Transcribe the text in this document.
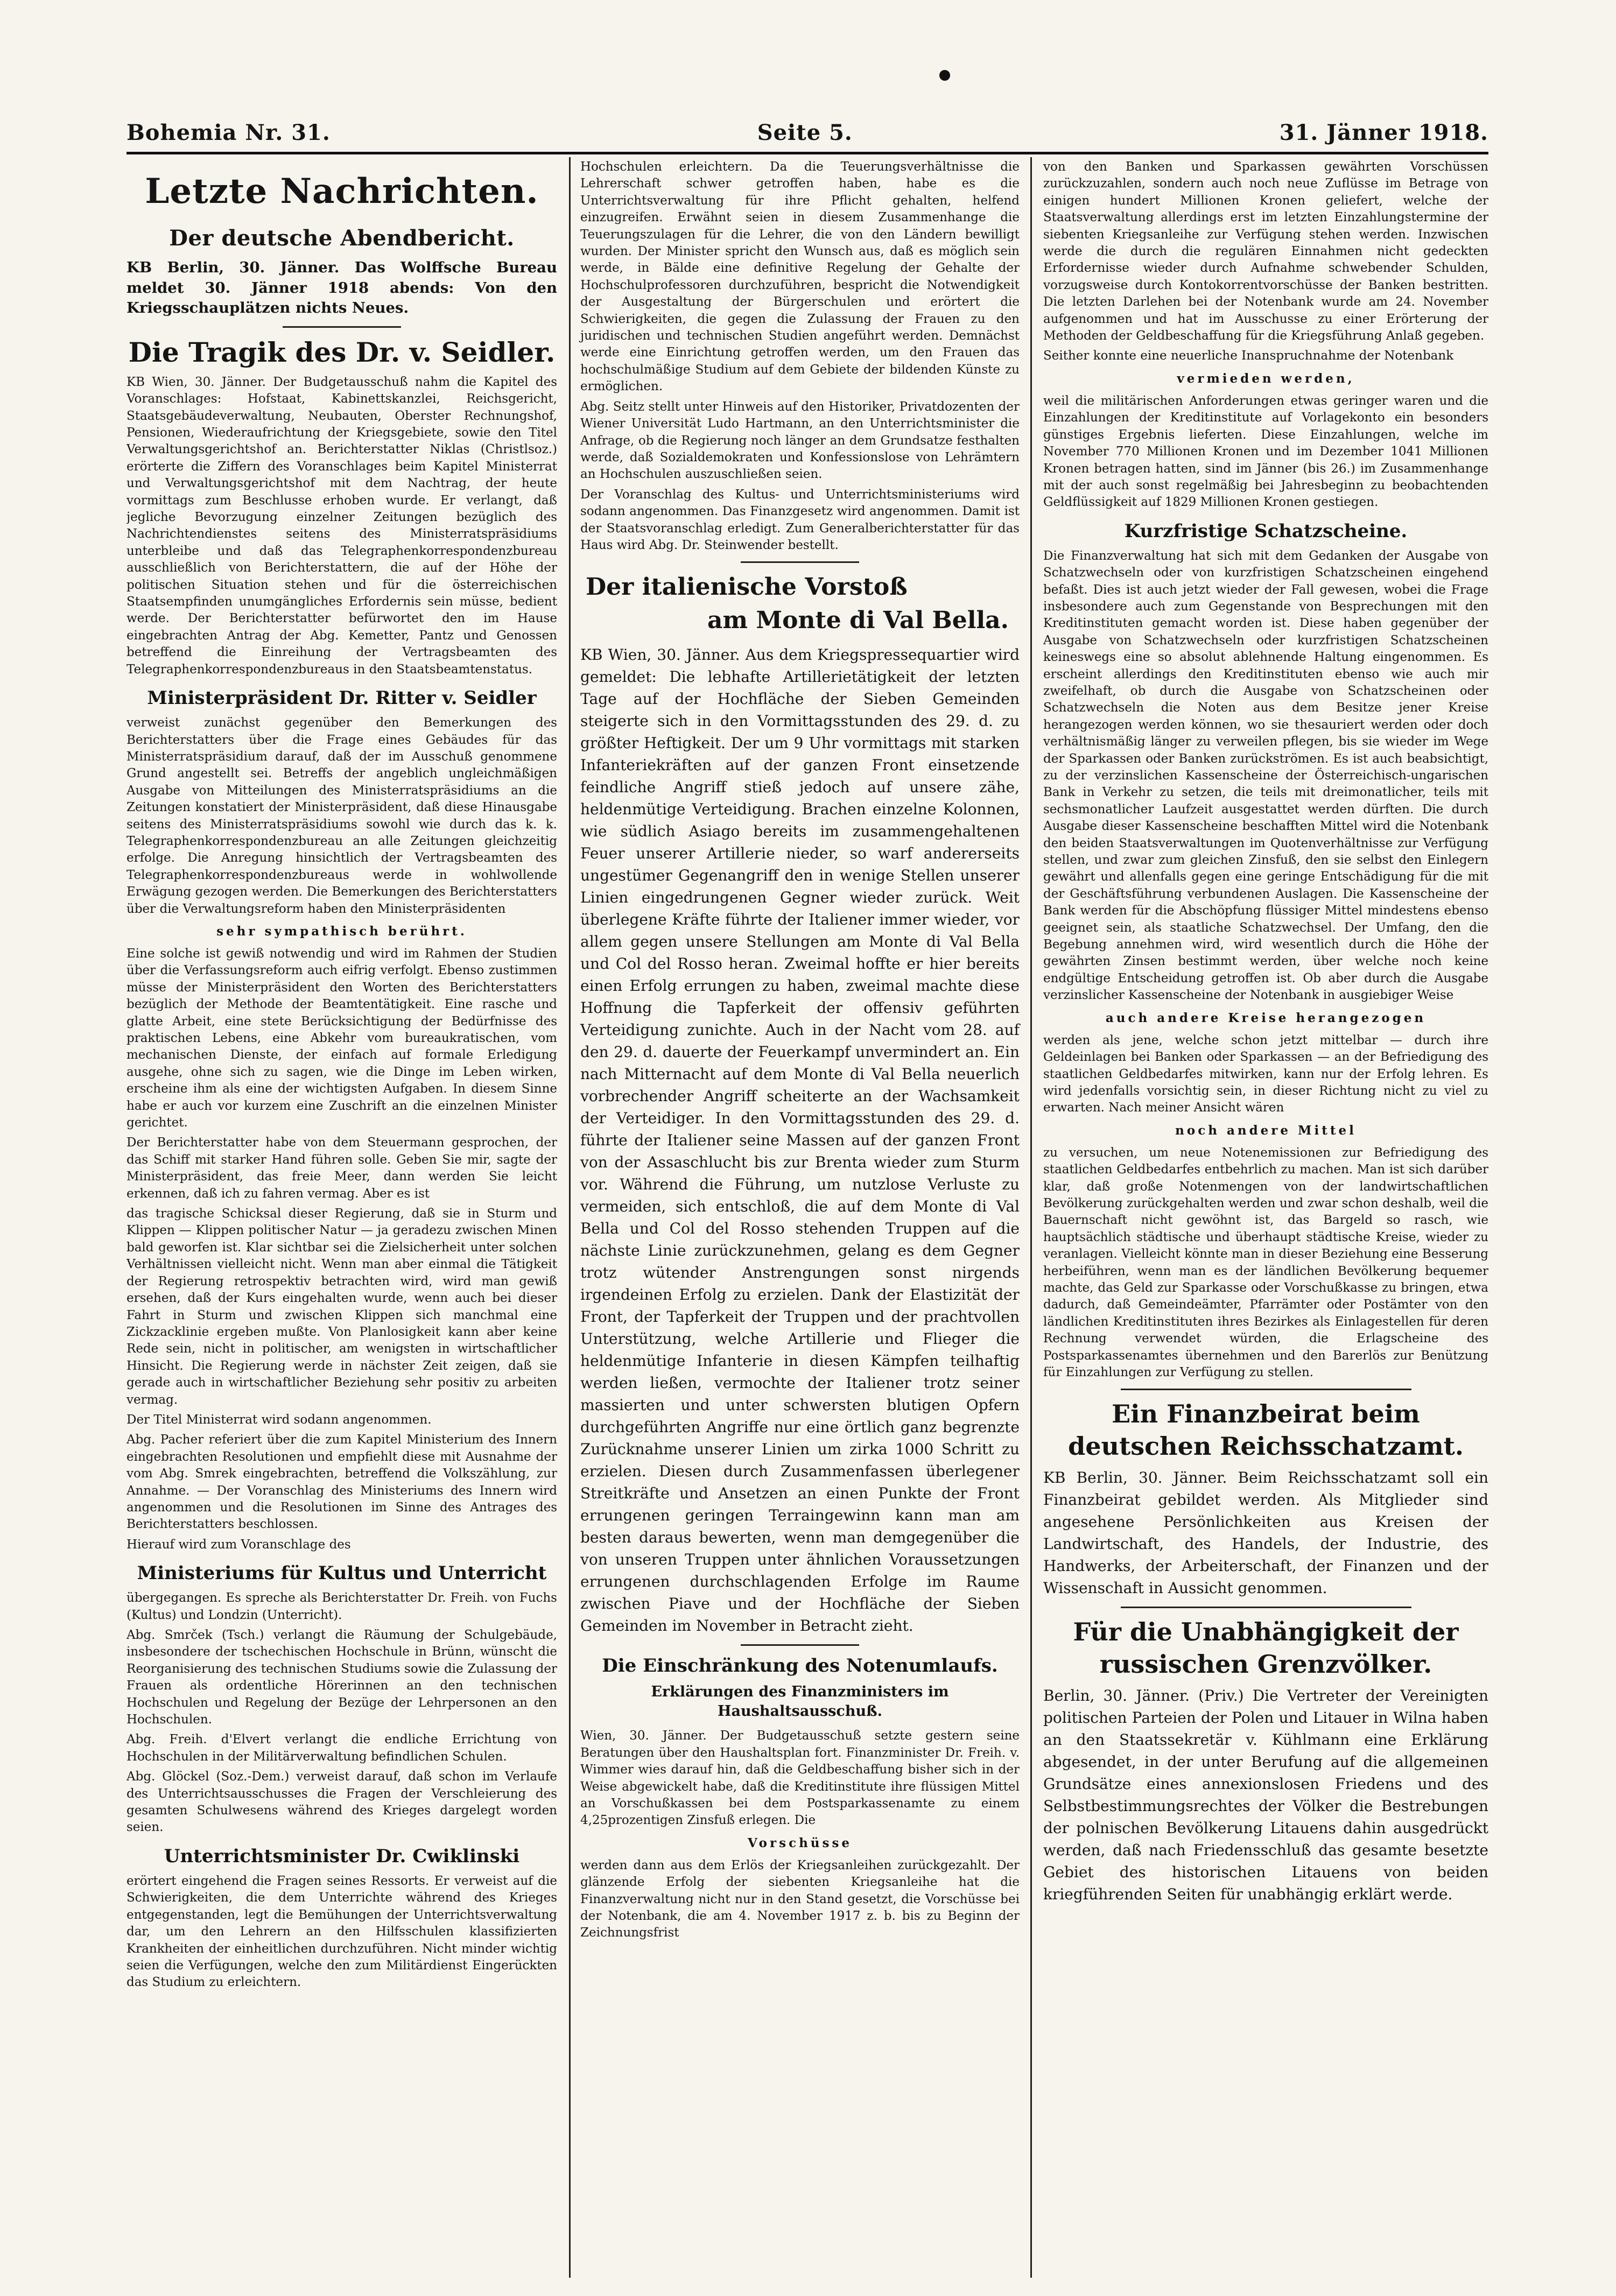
Bohemia Nr. 31.	Seite 5.	31. Jänner 1918.
Letzte Nachrichten.
Der deutsche Abendbericht.

KB Berlin, 30. Jänner. Das Wolffsche Bureau meldet 30. Jänner 1918 abends: Von den Kriegsschauplätzen nichts Neues.

Die Tragik des Dr. v. Seidler.

KB Wien, 30. Jänner. Der Budgetausschuß nahm die Kapitel des Voranschlages: Hofstaat, Kabinettskanzlei, Reichsgericht, Staatsgebäudeverwaltung, Neubauten, Oberster Rechnungshof, Pensionen, Wiederaufrichtung der Kriegsgebiete, sowie den Titel Verwaltungsgerichtshof an. Berichterstatter Niklas (Christlsoz.) erörterte die Ziffern des Voranschlages beim Kapitel Ministerrat und Verwaltungsgerichtshof mit dem Nachtrag, der heute vormittags zum Beschlusse erhoben wurde. Er verlangt, daß jegliche Bevorzugung einzelner Zeitungen bezüglich des Nachrichtendienstes seitens des Ministerratspräsidiums unterbleibe und daß das Telegraphenkorrespondenzbureau ausschließlich von Berichterstattern, die auf der Höhe der politischen Situation stehen und für die österreichischen Staatsempfinden unumgängliches Erfordernis sein müsse, bedient werde. Der Berichterstatter befürwortet den im Hause eingebrachten Antrag der Abg. Kemetter, Pantz und Genossen betreffend die Einreihung der Vertragsbeamten des Telegraphenkorrespondenzbureaus in den Staatsbeamtenstatus.

Ministerpräsident Dr. Ritter v. Seidler

verweist zunächst gegenüber den Bemerkungen des Berichterstatters über die Frage eines Gebäudes für das Ministerratspräsidium darauf, daß der im Ausschuß genommene Grund angestellt sei. Betreffs der angeblich ungleichmäßigen Ausgabe von Mitteilungen des Ministerratspräsidiums an die Zeitungen konstatiert der Ministerpräsident, daß diese Hinausgabe seitens des Ministerratspräsidiums sowohl wie durch das k. k. Telegraphenkorrespondenzbureau an alle Zeitungen gleichzeitig erfolge. Die Anregung hinsichtlich der Vertragsbeamten des Telegraphenkorrespondenzbureaus werde in wohlwollende Erwägung gezogen werden. Die Bemerkungen des Berichterstatters über die Verwaltungsreform haben den Ministerpräsidenten

sehr sympathisch berührt.

Eine solche ist gewiß notwendig und wird im Rahmen der Studien über die Verfassungsreform auch eifrig verfolgt. Ebenso zustimmen müsse der Ministerpräsident den Worten des Berichterstatters bezüglich der Methode der Beamtentätigkeit. Eine rasche und glatte Arbeit, eine stete Berücksichtigung der Bedürfnisse des praktischen Lebens, eine Abkehr vom bureaukratischen, vom mechanischen Dienste, der einfach auf formale Erledigung ausgehe, ohne sich zu sagen, wie die Dinge im Leben wirken, erscheine ihm als eine der wichtigsten Aufgaben. In diesem Sinne habe er auch vor kurzem eine Zuschrift an die einzelnen Minister gerichtet.

Der Berichterstatter habe von dem Steuermann gesprochen, der das Schiff mit starker Hand führen solle. Geben Sie mir, sagte der Ministerpräsident, das freie Meer, dann werden Sie leicht erkennen, daß ich zu fahren vermag. Aber es ist

das tragische Schicksal dieser Regierung, daß sie in Sturm und Klippen — Klippen politischer Natur — ja geradezu zwischen Minen bald geworfen ist. Klar sichtbar sei die Zielsicherheit unter solchen Verhältnissen vielleicht nicht. Wenn man aber einmal die Tätigkeit der Regierung retrospektiv betrachten wird, wird man gewiß ersehen, daß der Kurs eingehalten wurde, wenn auch bei dieser Fahrt in Sturm und zwischen Klippen sich manchmal eine Zickzacklinie ergeben mußte. Von Planlosigkeit kann aber keine Rede sein, nicht in politischer, am wenigsten in wirtschaftlicher Hinsicht. Die Regierung werde in nächster Zeit zeigen, daß sie gerade auch in wirtschaftlicher Beziehung sehr positiv zu arbeiten vermag.

Der Titel Ministerrat wird sodann angenommen.

Abg. Pacher referiert über die zum Kapitel Ministerium des Innern eingebrachten Resolutionen und empfiehlt diese mit Ausnahme der vom Abg. Smrek eingebrachten, betreffend die Volkszählung, zur Annahme. — Der Voranschlag des Ministeriums des Innern wird angenommen und die Resolutionen im Sinne des Antrages des Berichterstatters beschlossen.

Hierauf wird zum Voranschlage des

Ministeriums für Kultus und Unterricht

übergegangen. Es spreche als Berichterstatter Dr. Freih. von Fuchs (Kultus) und Londzin (Unterricht).

Abg. Smrček (Tsch.) verlangt die Räumung der Schulgebäude, insbesondere der tschechischen Hochschule in Brünn, wünscht die Reorganisierung des technischen Studiums sowie die Zulassung der Frauen als ordentliche Hörerinnen an den technischen Hochschulen und Regelung der Bezüge der Lehrpersonen an den Hochschulen.

Abg. Freih. d'Elvert verlangt die endliche Errichtung von Hochschulen in der Militärverwaltung befindlichen Schulen.

Abg. Glöckel (Soz.-Dem.) verweist darauf, daß schon im Verlaufe des Unterrichtsausschusses die Fragen der Verschleierung des gesamten Schulwesens während des Krieges dargelegt worden seien.

Unterrichtsminister Dr. Cwiklinski

erörtert eingehend die Fragen seines Ressorts. Er verweist auf die Schwierigkeiten, die dem Unterrichte während des Krieges entgegenstanden, legt die Bemühungen der Unterrichtsverwaltung dar, um den Lehrern an den Hilfsschulen klassifizierten Krankheiten der einheitlichen durchzuführen. Nicht minder wichtig seien die Verfügungen, welche den zum Militärdienst Eingerückten das Studium zu erleichtern.

Hochschulen erleichtern. Da die Teuerungsverhältnisse die Lehrerschaft schwer getroffen haben, habe es die Unterrichtsverwaltung für ihre Pflicht gehalten, helfend einzugreifen. Erwähnt seien in diesem Zusammenhange die Teuerungszulagen für die Lehrer, die von den Ländern bewilligt wurden. Der Minister spricht den Wunsch aus, daß es möglich sein werde, in Bälde eine definitive Regelung der Gehalte der Hochschulprofessoren durchzuführen, bespricht die Notwendigkeit der Ausgestaltung der Bürgerschulen und erörtert die Schwierigkeiten, die gegen die Zulassung der Frauen zu den juridischen und technischen Studien angeführt werden. Demnächst werde eine Einrichtung getroffen werden, um den Frauen das hochschulmäßige Studium auf dem Gebiete der bildenden Künste zu ermöglichen.

Abg. Seitz stellt unter Hinweis auf den Historiker, Privatdozenten der Wiener Universität Ludo Hartmann, an den Unterrichtsminister die Anfrage, ob die Regierung noch länger an dem Grundsatze festhalten werde, daß Sozialdemokraten und Konfessionslose von Lehrämtern an Hochschulen auszuschließen seien.

Der Voranschlag des Kultus- und Unterrichtsministeriums wird sodann angenommen. Das Finanzgesetz wird angenommen. Damit ist der Staatsvoranschlag erledigt. Zum Generalberichterstatter für das Haus wird Abg. Dr. Steinwender bestellt.

Der italienische Vorstoß
am Monte di Val Bella.

KB Wien, 30. Jänner. Aus dem Kriegspressequartier wird gemeldet: Die lebhafte Artillerietätigkeit der letzten Tage auf der Hochfläche der Sieben Gemeinden steigerte sich in den Vormittagsstunden des 29. d. zu größter Heftigkeit. Der um 9 Uhr vormittags mit starken Infanteriekräften auf der ganzen Front einsetzende feindliche Angriff stieß jedoch auf unsere zähe, heldenmütige Verteidigung. Brachen einzelne Kolonnen, wie südlich Asiago bereits im zusammengehaltenen Feuer unserer Artillerie nieder, so warf andererseits ungestümer Gegenangriff den in wenige Stellen unserer Linien eingedrungenen Gegner wieder zurück. Weit überlegene Kräfte führte der Italiener immer wieder, vor allem gegen unsere Stellungen am Monte di Val Bella und Col del Rosso heran. Zweimal hoffte er hier bereits einen Erfolg errungen zu haben, zweimal machte diese Hoffnung die Tapferkeit der offensiv geführten Verteidigung zunichte. Auch in der Nacht vom 28. auf den 29. d. dauerte der Feuerkampf unvermindert an. Ein nach Mitternacht auf dem Monte di Val Bella neuerlich vorbrechender Angriff scheiterte an der Wachsamkeit der Verteidiger. In den Vormittagsstunden des 29. d. führte der Italiener seine Massen auf der ganzen Front von der Assaschlucht bis zur Brenta wieder zum Sturm vor. Während die Führung, um nutzlose Verluste zu vermeiden, sich entschloß, die auf dem Monte di Val Bella und Col del Rosso stehenden Truppen auf die nächste Linie zurückzunehmen, gelang es dem Gegner trotz wütender Anstrengungen sonst nirgends irgendeinen Erfolg zu erzielen. Dank der Elastizität der Front, der Tapferkeit der Truppen und der prachtvollen Unterstützung, welche Artillerie und Flieger die heldenmütige Infanterie in diesen Kämpfen teilhaftig werden ließen, vermochte der Italiener trotz seiner massierten und unter schwersten blutigen Opfern durchgeführten Angriffe nur eine örtlich ganz begrenzte Zurücknahme unserer Linien um zirka 1000 Schritt zu erzielen. Diesen durch Zusammenfassen überlegener Streitkräfte und Ansetzen an einen Punkte der Front errungenen geringen Terraingewinn kann man am besten daraus bewerten, wenn man demgegenüber die von unseren Truppen unter ähnlichen Voraussetzungen errungenen durchschlagenden Erfolge im Raume zwischen Piave und der Hochfläche der Sieben Gemeinden im November in Betracht zieht.

Die Einschränkung des Notenumlaufs.
Erklärungen des Finanzministers im Haushaltsausschuß.

Wien, 30. Jänner. Der Budgetausschuß setzte gestern seine Beratungen über den Haushaltsplan fort. Finanzminister Dr. Freih. v. Wimmer wies darauf hin, daß die Geldbeschaffung bisher sich in der Weise abgewickelt habe, daß die Kreditinstitute ihre flüssigen Mittel an Vorschußkassen bei dem Postsparkassenamte zu einem 4,25prozentigen Zinsfuß erlegen. Die

Vorschüsse

werden dann aus dem Erlös der Kriegsanleihen zurückgezahlt. Der glänzende Erfolg der siebenten Kriegsanleihe hat die Finanzverwaltung nicht nur in den Stand gesetzt, die Vorschüsse bei der Notenbank, die am 4. November 1917 z. b. bis zu Beginn der Zeichnungsfrist

von den Banken und Sparkassen gewährten Vorschüssen zurückzuzahlen, sondern auch noch neue Zuflüsse im Betrage von einigen hundert Millionen Kronen geliefert, welche der Staatsverwaltung allerdings erst im letzten Einzahlungstermine der siebenten Kriegsanleihe zur Verfügung stehen werden. Inzwischen werde die durch die regulären Einnahmen nicht gedeckten Erfordernisse wieder durch Aufnahme schwebender Schulden, vorzugsweise durch Kontokorrentvorschüsse der Banken bestritten. Die letzten Darlehen bei der Notenbank wurde am 24. November aufgenommen und hat im Ausschusse zu einer Erörterung der Methoden der Geldbeschaffung für die Kriegsführung Anlaß gegeben.

Seither konnte eine neuerliche Inanspruchnahme der Notenbank

vermieden werden,

weil die militärischen Anforderungen etwas geringer waren und die Einzahlungen der Kreditinstitute auf Vorlagekonto ein besonders günstiges Ergebnis lieferten. Diese Einzahlungen, welche im November 770 Millionen Kronen und im Dezember 1041 Millionen Kronen betragen hatten, sind im Jänner (bis 26.) im Zusammenhange mit der auch sonst regelmäßig bei Jahresbeginn zu beobachtenden Geldflüssigkeit auf 1829 Millionen Kronen gestiegen.

Kurzfristige Schatzscheine.

Die Finanzverwaltung hat sich mit dem Gedanken der Ausgabe von Schatzwechseln oder von kurzfristigen Schatzscheinen eingehend befaßt. Dies ist auch jetzt wieder der Fall gewesen, wobei die Frage insbesondere auch zum Gegenstande von Besprechungen mit den Kreditinstituten gemacht worden ist. Diese haben gegenüber der Ausgabe von Schatzwechseln oder kurzfristigen Schatzscheinen keineswegs eine so absolut ablehnende Haltung eingenommen. Es erscheint allerdings den Kreditinstituten ebenso wie auch mir zweifelhaft, ob durch die Ausgabe von Schatzscheinen oder Schatzwechseln die Noten aus dem Besitze jener Kreise herangezogen werden können, wo sie thesauriert werden oder doch verhältnismäßig länger zu verweilen pflegen, bis sie wieder im Wege der Sparkassen oder Banken zurückströmen. Es ist auch beabsichtigt, zu der verzinslichen Kassenscheine der Österreichisch-ungarischen Bank in Verkehr zu setzen, die teils mit dreimonatlicher, teils mit sechsmonatlicher Laufzeit ausgestattet werden dürften. Die durch Ausgabe dieser Kassenscheine beschafften Mittel wird die Notenbank den beiden Staatsverwaltungen im Quotenverhältnisse zur Verfügung stellen, und zwar zum gleichen Zinsfuß, den sie selbst den Einlegern gewährt und allenfalls gegen eine geringe Entschädigung für die mit der Geschäftsführung verbundenen Auslagen. Die Kassenscheine der Bank werden für die Abschöpfung flüssiger Mittel mindestens ebenso geeignet sein, als staatliche Schatzwechsel. Der Umfang, den die Begebung annehmen wird, wird wesentlich durch die Höhe der gewährten Zinsen bestimmt werden, über welche noch keine endgültige Entscheidung getroffen ist. Ob aber durch die Ausgabe verzinslicher Kassenscheine der Notenbank in ausgiebiger Weise

auch andere Kreise herangezogen

werden als jene, welche schon jetzt mittelbar — durch ihre Geldeinlagen bei Banken oder Sparkassen — an der Befriedigung des staatlichen Geldbedarfes mitwirken, kann nur der Erfolg lehren. Es wird jedenfalls vorsichtig sein, in dieser Richtung nicht zu viel zu erwarten. Nach meiner Ansicht wären

noch andere Mittel

zu versuchen, um neue Notenemissionen zur Befriedigung des staatlichen Geldbedarfes entbehrlich zu machen. Man ist sich darüber klar, daß große Notenmengen von der landwirtschaftlichen Bevölkerung zurückgehalten werden und zwar schon deshalb, weil die Bauernschaft nicht gewöhnt ist, das Bargeld so rasch, wie hauptsächlich städtische und überhaupt städtische Kreise, wieder zu veranlagen. Vielleicht könnte man in dieser Beziehung eine Besserung herbeiführen, wenn man es der ländlichen Bevölkerung bequemer machte, das Geld zur Sparkasse oder Vorschußkasse zu bringen, etwa dadurch, daß Gemeindeämter, Pfarrämter oder Postämter von den ländlichen Kreditinstituten ihres Bezirkes als Einlagestellen für deren Rechnung verwendet würden, die Erlagscheine des Postsparkassenamtes übernehmen und den Barerlös zur Benützung für Einzahlungen zur Verfügung zu stellen.

Ein Finanzbeirat beim deutschen Reichsschatzamt.

KB Berlin, 30. Jänner. Beim Reichsschatzamt soll ein Finanzbeirat gebildet werden. Als Mitglieder sind angesehene Persönlichkeiten aus Kreisen der Landwirtschaft, des Handels, der Industrie, des Handwerks, der Arbeiterschaft, der Finanzen und der Wissenschaft in Aussicht genommen.

Für die Unabhängigkeit der russischen Grenzvölker.

Berlin, 30. Jänner. (Priv.) Die Vertreter der Vereinigten politischen Parteien der Polen und Litauer in Wilna haben an den Staatssekretär v. Kühlmann eine Erklärung abgesendet, in der unter Berufung auf die allgemeinen Grundsätze eines annexionslosen Friedens und des Selbstbestimmungsrechtes der Völker die Bestrebungen der polnischen Bevölkerung Litauens dahin ausgedrückt werden, daß nach Friedensschluß das gesamte besetzte Gebiet des historischen Litauens von beiden kriegführenden Seiten für unabhängig erklärt werde.
